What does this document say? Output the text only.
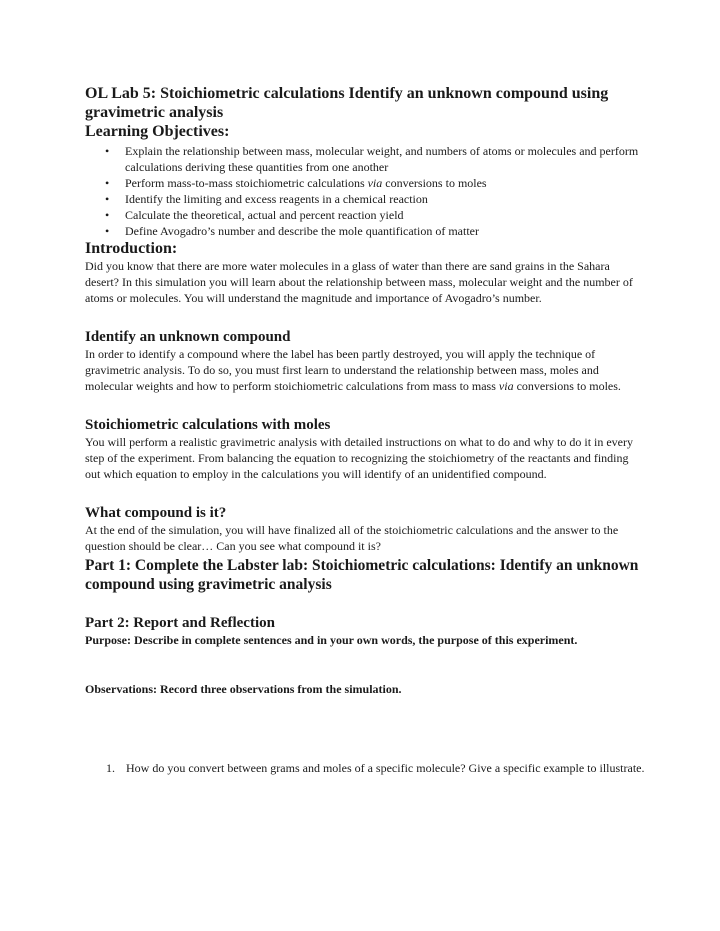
OL Lab 5: Stoichiometric calculations Identify an unknown compound using gravimetric analysis
Learning Objectives:
• Explain the relationship between mass, molecular weight, and numbers of atoms or molecules and perform calculations deriving these quantities from one another
• Perform mass-to-mass stoichiometric calculations via conversions to moles
• Identify the limiting and excess reagents in a chemical reaction
• Calculate the theoretical, actual and percent reaction yield
• Define Avogadro’s number and describe the mole quantification of matter
Introduction:

Did you know that there are more water molecules in a glass of water than there are sand grains in the Sahara desert? In this simulation you will learn about the relationship between mass, molecular weight and the number of atoms or molecules. You will understand the magnitude and importance of Avogadro’s number.

Identify an unknown compound

In order to identify a compound where the label has been partly destroyed, you will apply the technique of gravimetric analysis. To do so, you must first learn to understand the relationship between mass, moles and molecular weights and how to perform stoichiometric calculations from mass to mass via conversions to moles.

Stoichiometric calculations with moles

You will perform a realistic gravimetric analysis with detailed instructions on what to do and why to do it in every step of the experiment. From balancing the equation to recognizing the stoichiometry of the reactants and finding out which equation to employ in the calculations you will identify of an unidentified compound.

What compound is it?

At the end of the simulation, you will have finalized all of the stoichiometric calculations and the answer to the question should be clear… Can you see what compound it is?

Part 1: Complete the Labster lab: Stoichiometric calculations: Identify an unknown compound using gravimetric analysis
Part 2: Report and Reflection

Purpose: Describe in complete sentences and in your own words, the purpose of this experiment.

Observations: Record three observations from the simulation.

1. How do you convert between grams and moles of a specific molecule? Give a specific example to illustrate.
